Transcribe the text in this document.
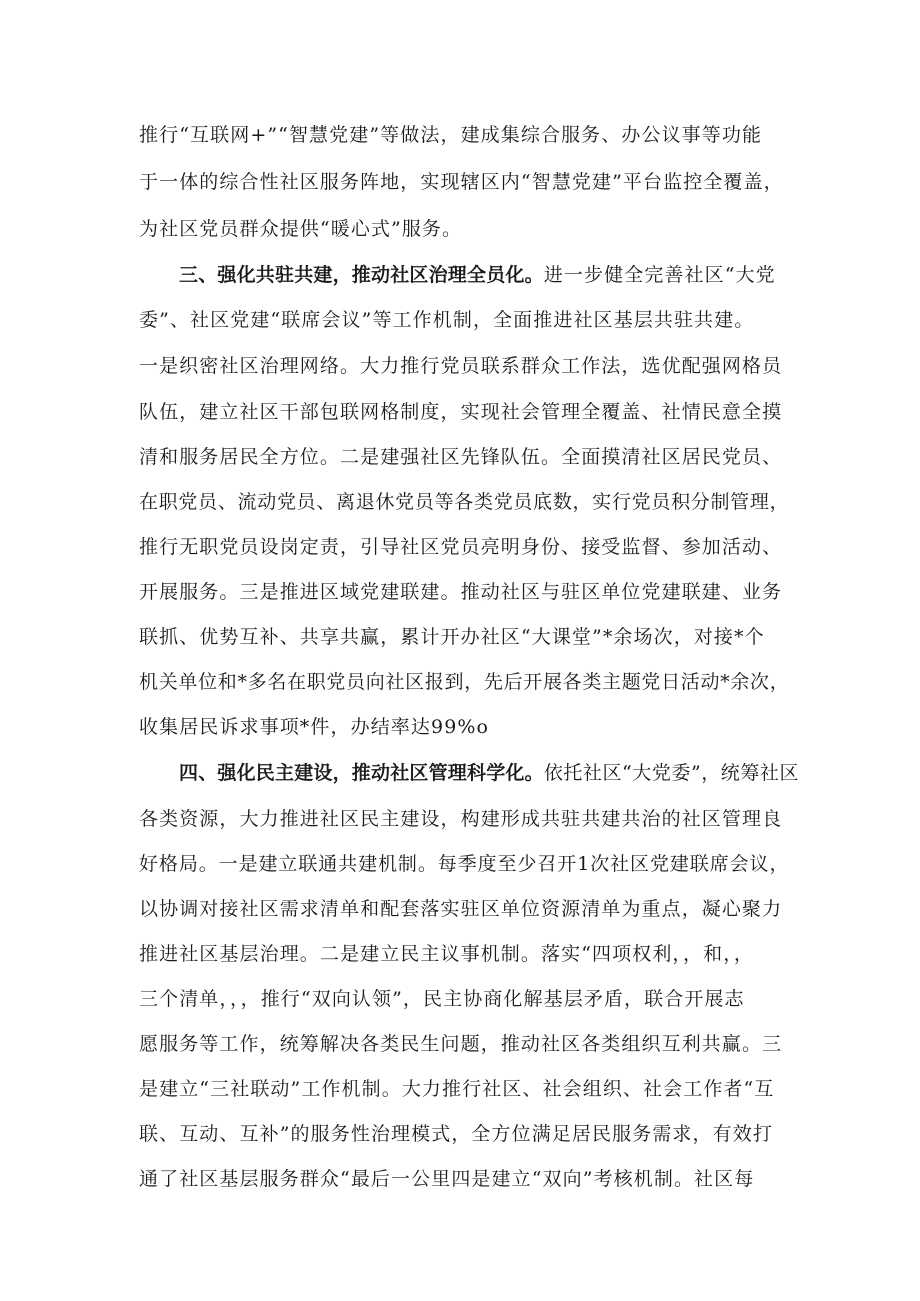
推行“互联网+”“智慧党建”等做法，建成集综合服务、办公议事等功能
于一体的综合性社区服务阵地，实现辖区内“智慧党建”平台监控全覆盖，
为社区党员群众提供“暖心式”服务。
三、强化共驻共建，推动社区治理全员化。进一步健全完善社区“大党
委”、社区党建“联席会议”等工作机制，全面推进社区基层共驻共建。
一是织密社区治理网络。大力推行党员联系群众工作法，选优配强网格员
队伍，建立社区干部包联网格制度，实现社会管理全覆盖、社情民意全摸
清和服务居民全方位。二是建强社区先锋队伍。全面摸清社区居民党员、
在职党员、流动党员、离退休党员等各类党员底数，实行党员积分制管理，
推行无职党员设岗定责，引导社区党员亮明身份、接受监督、参加活动、
开展服务。三是推进区域党建联建。推动社区与驻区单位党建联建、业务
联抓、优势互补、共享共赢，累计开办社区“大课堂”*余场次，对接*个
机关单位和*多名在职党员向社区报到，先后开展各类主题党日活动*余次，
收集居民诉求事项*件，办结率达99%o
四、强化民主建设，推动社区管理科学化。依托社区“大党委”，统筹社区
各类资源，大力推进社区民主建设，构建形成共驻共建共治的社区管理良
好格局。一是建立联通共建机制。每季度至少召开1次社区党建联席会议，
以协调对接社区需求清单和配套落实驻区单位资源清单为重点，凝心聚力
推进社区基层治理。二是建立民主议事机制。落实“四项权利，，和，，
三个清单，，，推行“双向认领”，民主协商化解基层矛盾，联合开展志
愿服务等工作，统筹解决各类民生问题，推动社区各类组织互利共赢。三
是建立“三社联动”工作机制。大力推行社区、社会组织、社会工作者“互
联、互动、互补”的服务性治理模式，全方位满足居民服务需求，有效打
通了社区基层服务群众“最后一公里四是建立“双向”考核机制。社区每
